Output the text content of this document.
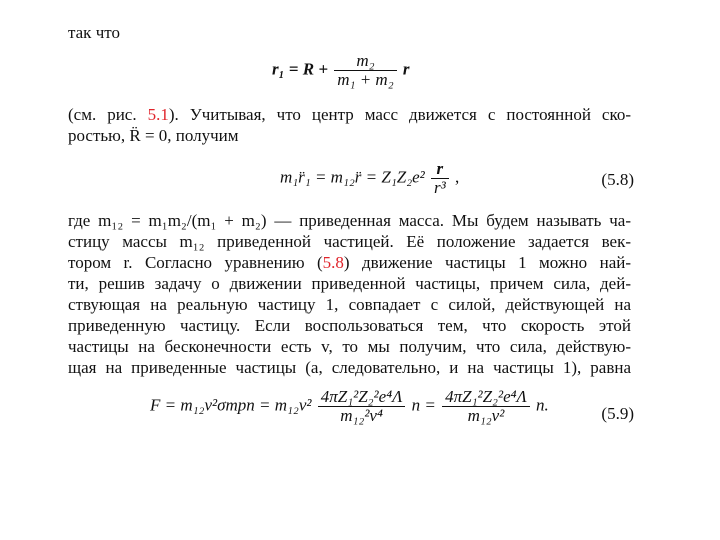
так что
$r_1 = R + \frac{\text{m₂}}{\text{m₁ + m₂}}$ r
(см. рис. 5.1). Учитывая, что центр масс движется с постоянной ско-
ростью, R̈ = 0, получим
m₁r̈₁ = m₁₂r̈ = $Z_1Z_2e^2 \frac{r}{\text{r³}}$ ,	(5.8)
где m₁₂ = m₁m₂/(m₁ + m₂) — приведенная масса. Мы будем называть ча-
стицу массы m₁₂ приведенной частицей. Её положение задается век-
тором r. Согласно уравнению (5.8) движение частицы 1 можно най-
ти, решив задачу о движении приведенной частицы, причем сила, дей-
ствующая на реальную частицу 1, совпадает с силой, действующей на
приведенную частицу. Если воспользоваться тем, что скорость этой
частицы на бесконечности есть v, то мы получим, что сила, действую-
щая на приведенные частицы (а, следовательно, и на частицы 1), равна
$F = m_{12}v^2\sigma трn = m_{12}v^2 \frac{\text{4πZ₁²Z₂²e⁴Λ}}{\text{m₁₂²v⁴}}$ $n = \frac{\text{4πZ₁²Z₂²e⁴Λ}}{\text{m₁₂v²}} n$.	(5.9)
